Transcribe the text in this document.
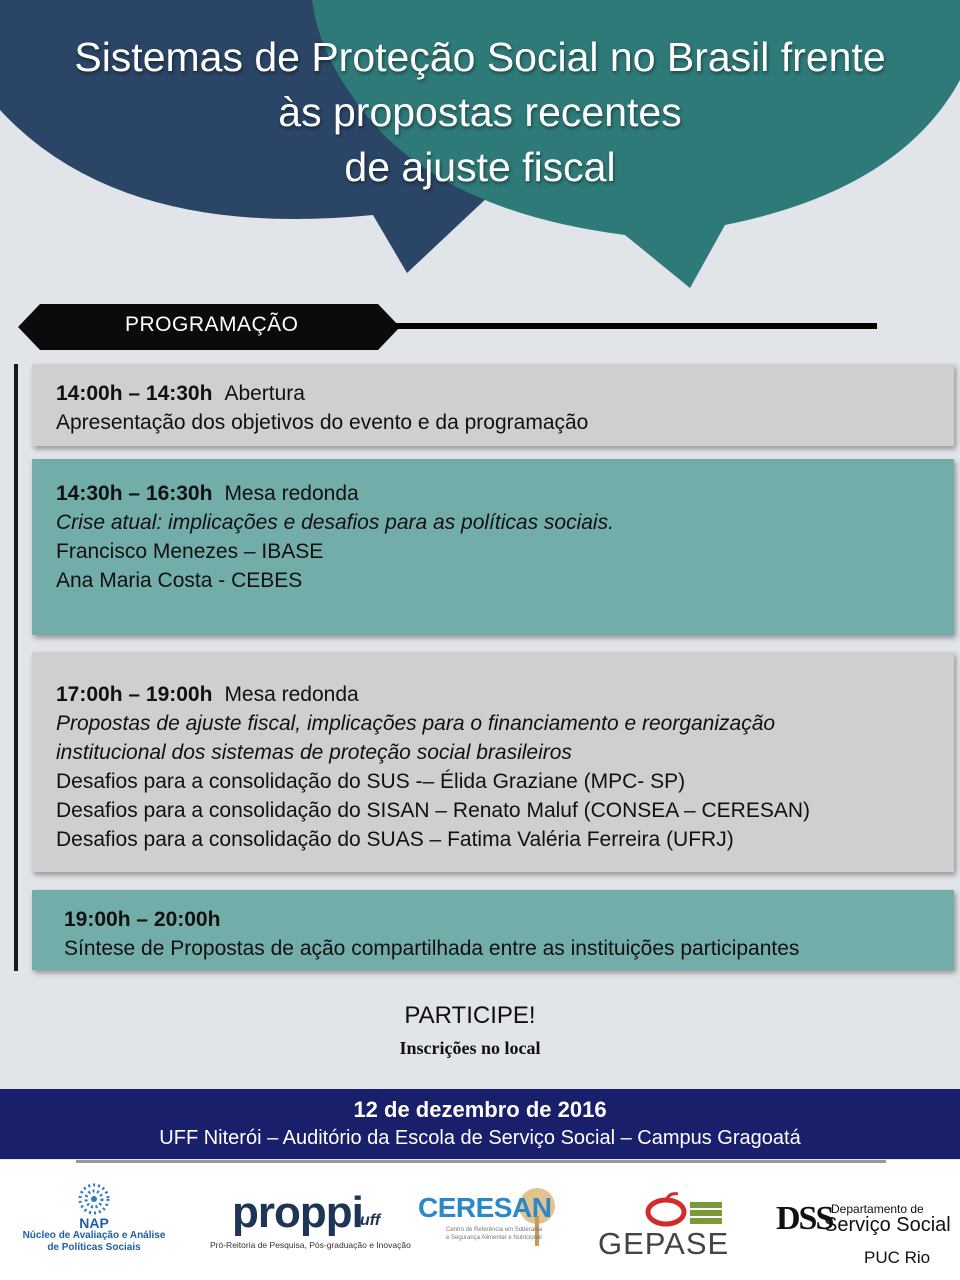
Sistemas de Proteção Social no Brasil frente
às propostas recentes
de ajuste fiscal
PROGRAMAÇÃO
14:00h – 14:30h Abertura
Apresentação dos objetivos do evento e da programação
14:30h – 16:30h Mesa redonda
Crise atual: implicações e desafios para as políticas sociais.
Francisco Menezes – IBASE
Ana Maria Costa - CEBES
17:00h – 19:00h Mesa redonda
Propostas de ajuste fiscal, implicações para o financiamento e reorganização
institucional dos sistemas de proteção social brasileiros
Desafios para a consolidação do SUS -– Élida Graziane (MPC- SP)
Desafios para a consolidação do SISAN – Renato Maluf (CONSEA – CERESAN)
Desafios para a consolidação do SUAS – Fatima Valéria Ferreira (UFRJ)
19:00h – 20:00h
Síntese de Propostas de ação compartilhada entre as instituições participantes
PARTICIPE!
Inscrições no local
12 de dezembro de 2016
UFF Niterói – Auditório da Escola de Serviço Social – Campus Gragoatá
NAP
Núcleo de Avaliação e Análise
de Políticas Sociais
proppi
uff
Pró-Reitoria de Pesquisa, Pós-graduação e Inovação
CERESAN
Centro de Referência em Soberania
e Segurança Alimentar e Nutricional GEPASE
DSS
Departamento de
Serviço Social
PUC Rio
